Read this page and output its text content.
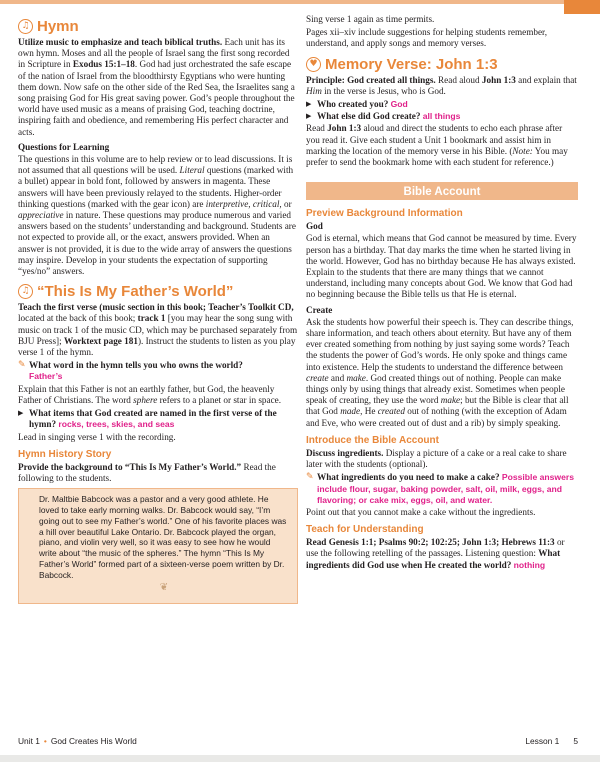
♫ Hymn

Utilize music to emphasize and teach biblical truths. Each unit has its own hymn. Moses and all the people of Israel sang the first song recorded in Scripture in Exodus 15:1–18. God had just orchestrated the safe escape of the nation of Israel from the bloodthirsty Egyptians who were hunting them down. Now safe on the other side of the Red Sea, the Israelites sang a song praising God for His great saving power. God’s people throughout the world have used music as a means of praising God, teaching doctrine, inspiring faith and obedience, and remembering His perfect character and acts.

Questions for Learning

The questions in this volume are to help review or to lead discussions. It is not assumed that all questions will be used. Literal questions (marked with a bullet) appear in bold font, followed by answers in magenta. These answers will have been previously relayed to the students. Higher-order thinking questions (marked with the gear icon) are interpretive, critical, or appreciative in nature. These questions may produce numerous and varied answers based on the students’ understanding and background. Students are not expected to provide all, or the exact, answers provided. When an answer is not provided, it is due to the wide array of answers the questions may inspire. Develop in your students the expectation of supporting “yes/no” answers.

♫ “This Is My Father’s World”

Teach the first verse (music section in this book; Teacher’s Toolkit CD, located at the back of this book; track 1 [you may hear the song sung with music on track 1 of the music CD, which may be purchased separately from BJU Press]; Worktext page 181). Instruct the students to listen as you play verse 1 of the hymn.

✎ What word in the hymn tells you who owns the world?
Father’s

Explain that this Father is not an earthly father, but God, the heavenly Father of Christians. The word sphere refers to a planet or star in space.

▶ What items that God created are named in the first verse of the hymn? rocks, trees, skies, and seas

Lead in singing verse 1 with the recording.

Hymn History Story

Provide the background to “This Is My Father’s World.” Read the following to the students.

Dr. Maltbie Babcock was a pastor and a very good athlete. He loved to take early morning walks. Dr. Babcock would say, “I’m going out to see my Father’s world.” One of his favorite places was a hill over beautiful Lake Ontario. Dr. Babcock played the organ, piano, and violin very well, so it was easy to see how he would write about “the music of the spheres.” The hymn “This Is My Father’s World” formed part of a sixteen-verse poem written by Dr. Babcock.

❦

Sing verse 1 again as time permits.

Pages xii–xiv include suggestions for helping students remember, understand, and apply songs and memory verses.

♥ Memory Verse: John 1:3

Principle: God created all things. Read aloud John 1:3 and explain that Him in the verse is Jesus, who is God.

▶ Who created you? God
▶ What else did God create? all things

Read John 1:3 aloud and direct the students to echo each phrase after you read it. Give each student a Unit 1 bookmark and assist him in marking the location of the memory verse in his Bible. (Note: You may prefer to send the bookmark home with each student for reference.)

Bible Account
Preview Background Information

God

God is eternal, which means that God cannot be measured by time. Every person has a birthday. That day marks the time when he started living in the world. However, God has no birthday because He has always existed. Explain to the students that there are many things that we cannot understand, including many concepts about God. We know that God had no beginning because the Bible tells us that He is eternal.

Create

Ask the students how powerful their speech is. They can describe things, share information, and teach others about eternity. But have any of them ever created something from nothing by just saying some words? Teach the students the power of God’s words. He only spoke and things came into existence. Help the students to understand the difference between create and make. God created things out of nothing. People can make things only by using things that already exist. Sometimes when people speak of creating, they use the word make; but the Bible is clear that all that God made, He created out of nothing (with the exception of Adam and Eve, who were created out of dust and a rib) by simply speaking.

Introduce the Bible Account

Discuss ingredients. Display a picture of a cake or a real cake to share later with the students (optional).

✎ What ingredients do you need to make a cake? Possible answers include flour, sugar, baking powder, salt, oil, milk, eggs, and flavoring; or cake mix, eggs, oil, and water.

Point out that you cannot make a cake without the ingredients.

Teach for Understanding

Read Genesis 1:1; Psalms 90:2; 102:25; John 1:3; Hebrews 11:3 or use the following retelling of the passages. Listening question: What ingredients did God use when He created the world? nothing

Unit 1 • God Creates His World	Lesson 1 5
